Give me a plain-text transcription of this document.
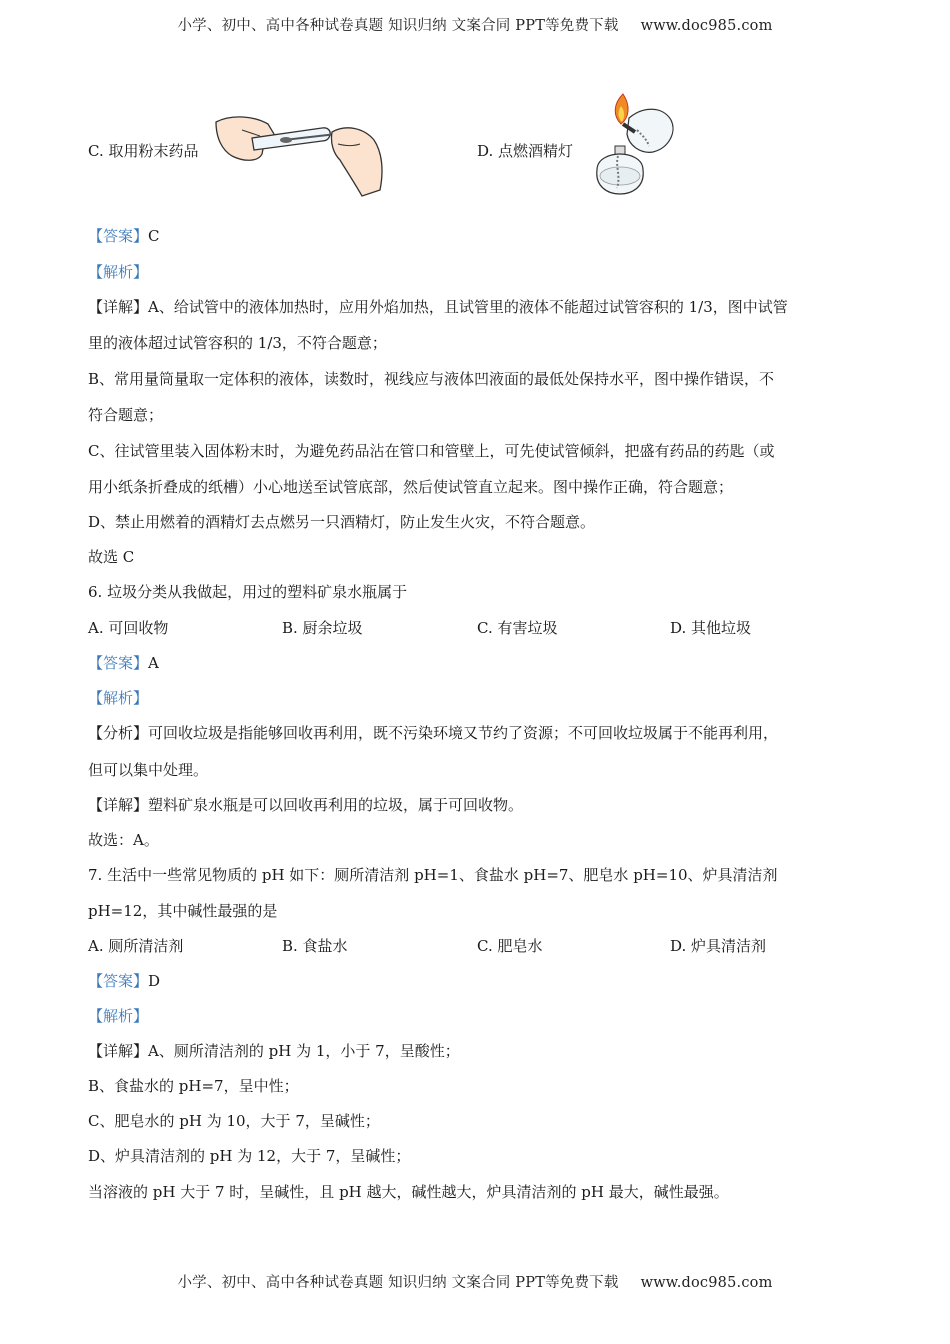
小学、初中、高中各种试卷真题 知识归纳 文案合同 PPT等免费下载 www.doc985.com
C. 取用粉末药品	D. 点燃酒精灯
【答案】C
【解析】
【详解】A、给试管中的液体加热时，应用外焰加热，且试管里的液体不能超过试管容积的 1/3，图中试管
里的液体超过试管容积的 1/3，不符合题意；
B、常用量筒量取一定体积的液体，读数时，视线应与液体凹液面的最低处保持水平，图中操作错误，不
符合题意；
C、往试管里装入固体粉末时，为避免药品沾在管口和管壁上，可先使试管倾斜，把盛有药品的药匙（或
用小纸条折叠成的纸槽）小心地送至试管底部，然后使试管直立起来。图中操作正确，符合题意；
D、禁止用燃着的酒精灯去点燃另一只酒精灯，防止发生火灾，不符合题意。
故选 C
6. 垃圾分类从我做起，用过的塑料矿泉水瓶属于
A. 可回收物	B. 厨余垃圾	C. 有害垃圾	D. 其他垃圾
【答案】A
【解析】
【分析】可回收垃圾是指能够回收再利用，既不污染环境又节约了资源；不可回收垃圾属于不能再利用，
但可以集中处理。
【详解】塑料矿泉水瓶是可以回收再利用的垃圾，属于可回收物。
故选：A。
7. 生活中一些常见物质的 pH 如下：厕所清洁剂 pH=1、食盐水 pH=7、肥皂水 pH=10、炉具清洁剂
pH=12，其中碱性最强的是
A. 厕所清洁剂	B. 食盐水	C. 肥皂水	D. 炉具清洁剂
【答案】D
【解析】
【详解】A、厕所清洁剂的 pH 为 1，小于 7，呈酸性；
B、食盐水的 pH=7，呈中性；
C、肥皂水的 pH 为 10，大于 7，呈碱性；
D、炉具清洁剂的 pH 为 12，大于 7，呈碱性；
当溶液的 pH 大于 7 时，呈碱性，且 pH 越大，碱性越大，炉具清洁剂的 pH 最大，碱性最强。
小学、初中、高中各种试卷真题 知识归纳 文案合同 PPT等免费下载 www.doc985.com
